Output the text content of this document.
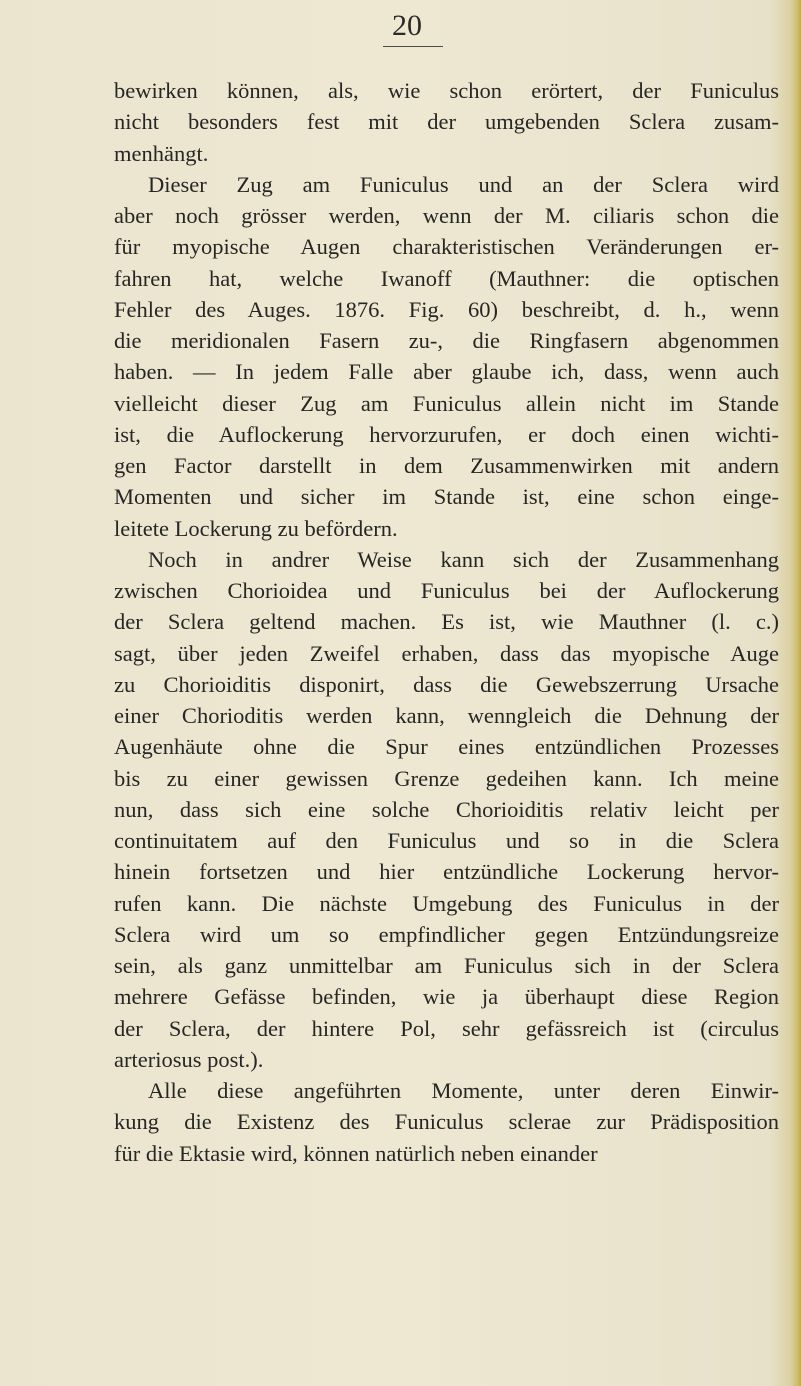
20
bewirken können, als, wie schon erörtert, der Funiculus
nicht besonders fest mit der umgebenden Sclera zusam-
menhängt.
Dieser Zug am Funiculus und an der Sclera wird
aber noch grösser werden, wenn der M. ciliaris schon die
für myopische Augen charakteristischen Veränderungen er-
fahren hat, welche Iwanoff (Mauthner: die optischen
Fehler des Auges. 1876. Fig. 60) beschreibt, d. h., wenn
die meridionalen Fasern zu-, die Ringfasern abgenommen
haben. — In jedem Falle aber glaube ich, dass, wenn auch
vielleicht dieser Zug am Funiculus allein nicht im Stande
ist, die Auflockerung hervorzurufen, er doch einen wichti-
gen Factor darstellt in dem Zusammenwirken mit andern
Momenten und sicher im Stande ist, eine schon einge-
leitete Lockerung zu befördern.
Noch in andrer Weise kann sich der Zusammenhang
zwischen Chorioidea und Funiculus bei der Auflockerung
der Sclera geltend machen. Es ist, wie Mauthner (l. c.)
sagt, über jeden Zweifel erhaben, dass das myopische Auge
zu Chorioiditis disponirt, dass die Gewebszerrung Ursache
einer Chorioditis werden kann, wenngleich die Dehnung der
Augenhäute ohne die Spur eines entzündlichen Prozesses
bis zu einer gewissen Grenze gedeihen kann. Ich meine
nun, dass sich eine solche Chorioiditis relativ leicht per
continuitatem auf den Funiculus und so in die Sclera
hinein fortsetzen und hier entzündliche Lockerung hervor-
rufen kann. Die nächste Umgebung des Funiculus in der
Sclera wird um so empfindlicher gegen Entzündungsreize
sein, als ganz unmittelbar am Funiculus sich in der Sclera
mehrere Gefässe befinden, wie ja überhaupt diese Region
der Sclera, der hintere Pol, sehr gefässreich ist (circulus
arteriosus post.).
Alle diese angeführten Momente, unter deren Einwir-
kung die Existenz des Funiculus sclerae zur Prädisposition
für die Ektasie wird, können natürlich neben einander
